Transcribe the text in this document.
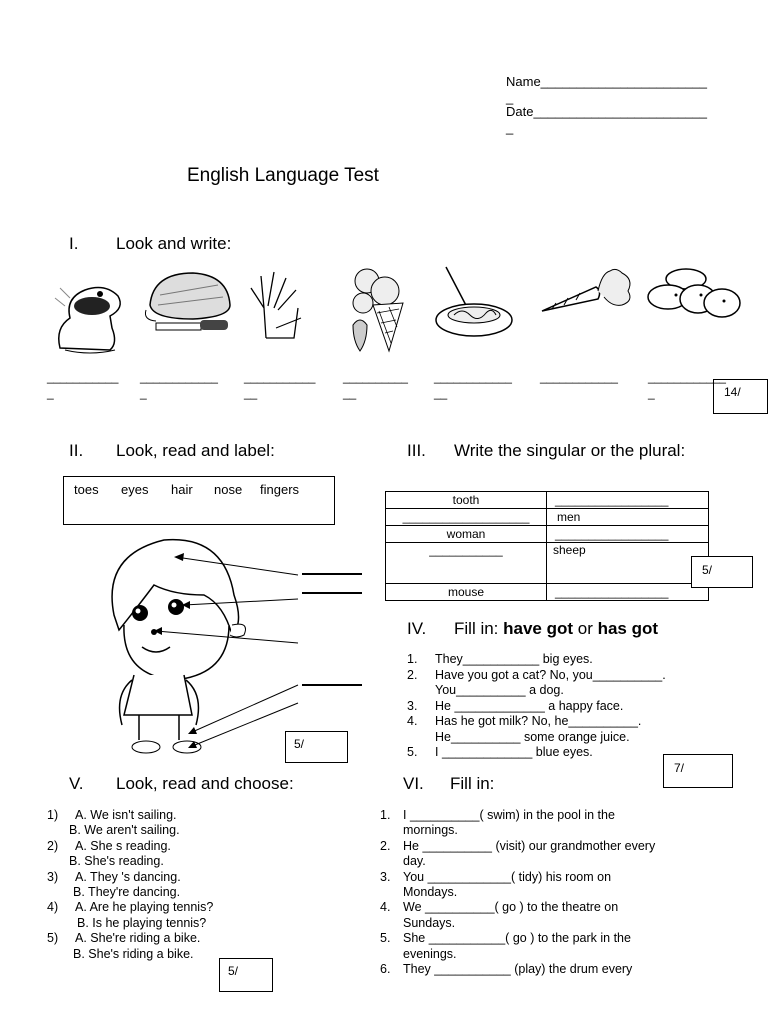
Name_______________________
_
Date________________________
_
English Language Test
I. Look and write:
___________
_
____________
_
___________
__
__________
__
____________
__
____________	____________
_	14/
II. Look, read and label:
toes eyes hair nose fingers
5/
III. Write the singular or the plural:
tooth	_________________
___________________	men
woman	_________________
___________	sheep
mouse	_________________
5/
IV. Fill in: have got or has got
1. They___________ big eyes.
2. Have you got a cat? No, you__________.
You__________ a dog.
3. He _____________ a happy face.
4. Has he got milk? No, he__________.
He__________ some orange juice.
5. I _____________ blue eyes.
7/
V. Look, read and choose:
1) A. We isn't sailing.
B. We aren't sailing.
2) A. She s reading.
B. She's reading.
3) A. They 's dancing.
B. They're dancing.
4) A. Are he playing tennis?
B. Is he playing tennis?
5) A. She're riding a bike.
B. She's riding a bike.
5/
VI. Fill in:
1. I __________( swim) in the pool in the
mornings.
2. He __________ (visit) our grandmother every
day.
3. You ____________( tidy) his room on
Mondays.
4. We __________( go ) to the theatre on
Sundays.
5. She ___________( go ) to the park in the
evenings.
6. They ___________ (play) the drum every
